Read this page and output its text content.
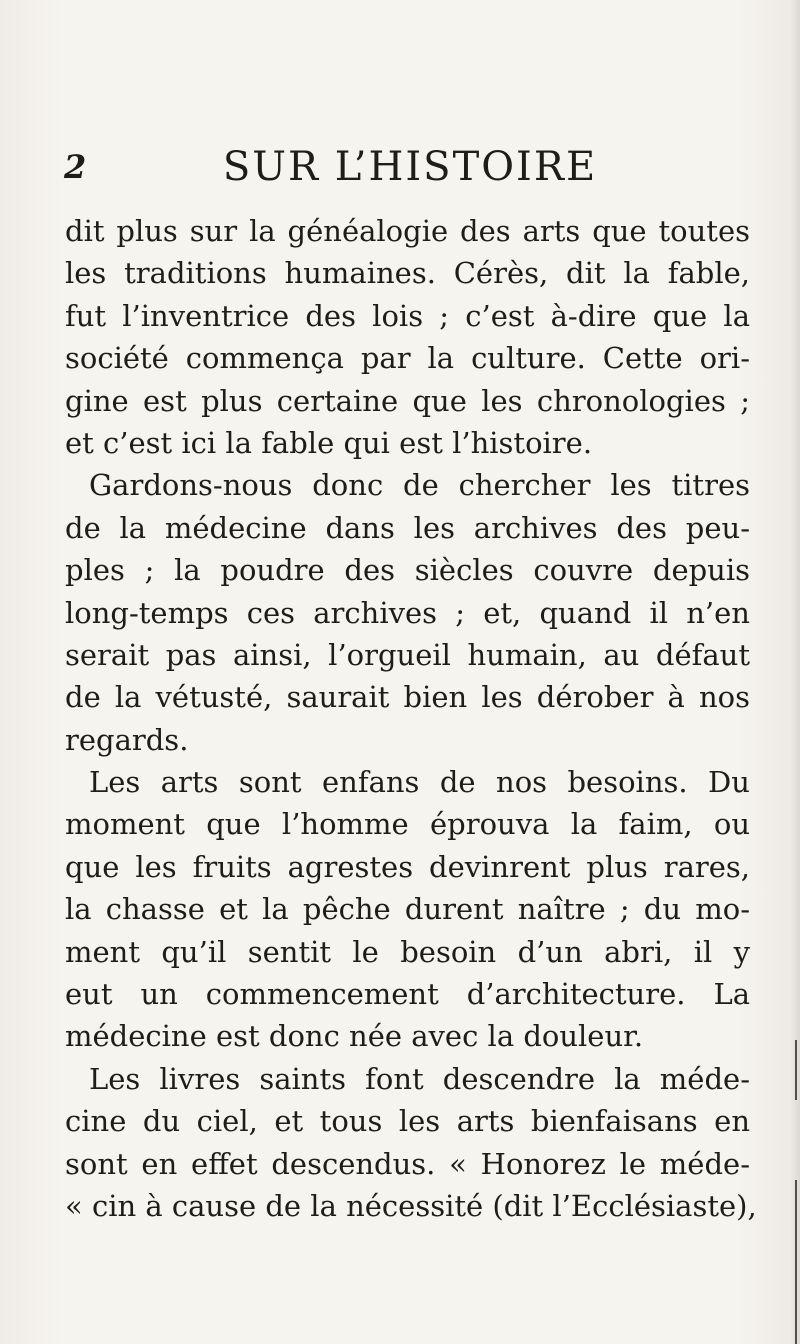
2	SUR L’HISTOIRE
dit plus sur la généalogie des arts que toutes
les traditions humaines. Cérès, dit la fable,
fut l’inventrice des lois ; c’est à-dire que la
société commença par la culture. Cette ori-
gine est plus certaine que les chronologies ;
et c’est ici la fable qui est l’histoire.
Gardons-nous donc de chercher les titres
de la médecine dans les archives des peu-
ples ; la poudre des siècles couvre depuis
long-temps ces archives ; et, quand il n’en
serait pas ainsi, l’orgueil humain, au défaut
de la vétusté, saurait bien les dérober à nos
regards.
Les arts sont enfans de nos besoins. Du
moment que l’homme éprouva la faim, ou
que les fruits agrestes devinrent plus rares,
la chasse et la pêche durent naître ; du mo-
ment qu’il sentit le besoin d’un abri, il y
eut un commencement d’architecture. La
médecine est donc née avec la douleur.
Les livres saints font descendre la méde-
cine du ciel, et tous les arts bienfaisans en
sont en effet descendus. « Honorez le méde-
« cin à cause de la nécessité (dit l’Ecclésiaste),
